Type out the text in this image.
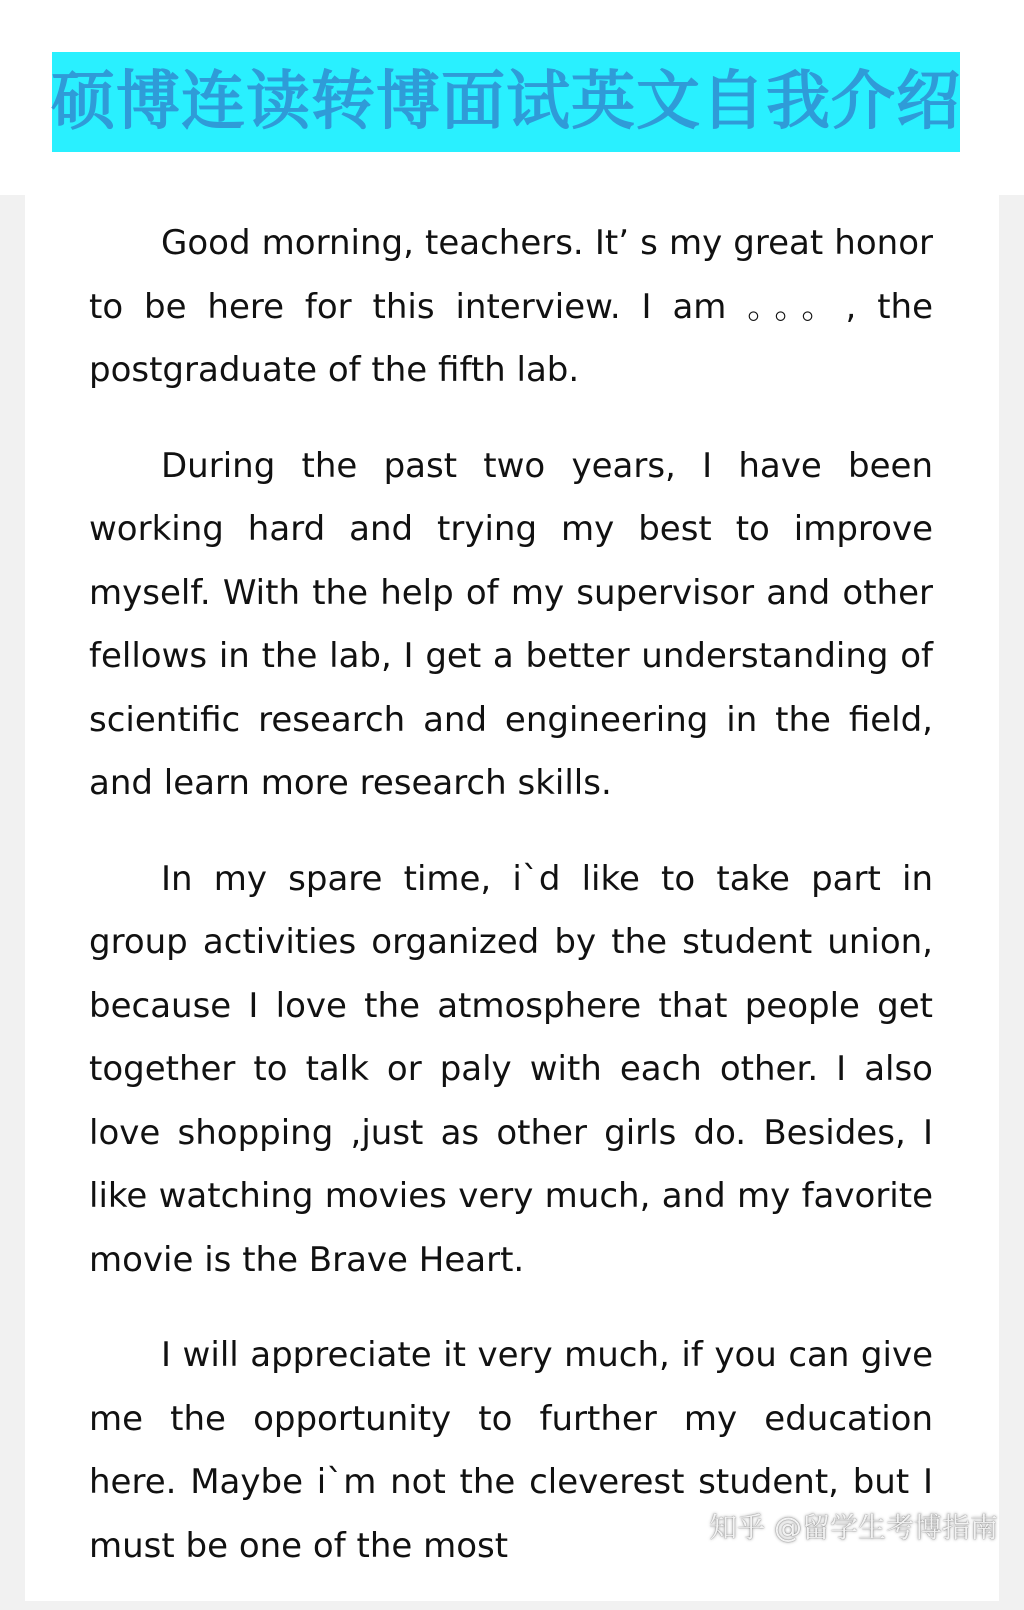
硕博连读转博面试英文自我介绍

Good morning, teachers. It’ s my great honor to be here for this interview. I am 。。。, the postgraduate of the fifth lab.

During the past two years, I have been working hard and trying my best to improve myself. With the help of my supervisor and other fellows in the lab, I get a better understanding of scientific research and engineering in the field, and learn more research skills.

In my spare time, i`d like to take part in group activities organized by the student union, because I love the atmosphere that people get together to talk or paly with each other. I also love shopping ,just as other girls do. Besides, I like watching movies very much, and my favorite movie is the Brave Heart.

I will appreciate it very much, if you can give me the opportunity to further my education here. Maybe i`m not the cleverest student, but I must be one of the most	知乎 @留学生考博指南
